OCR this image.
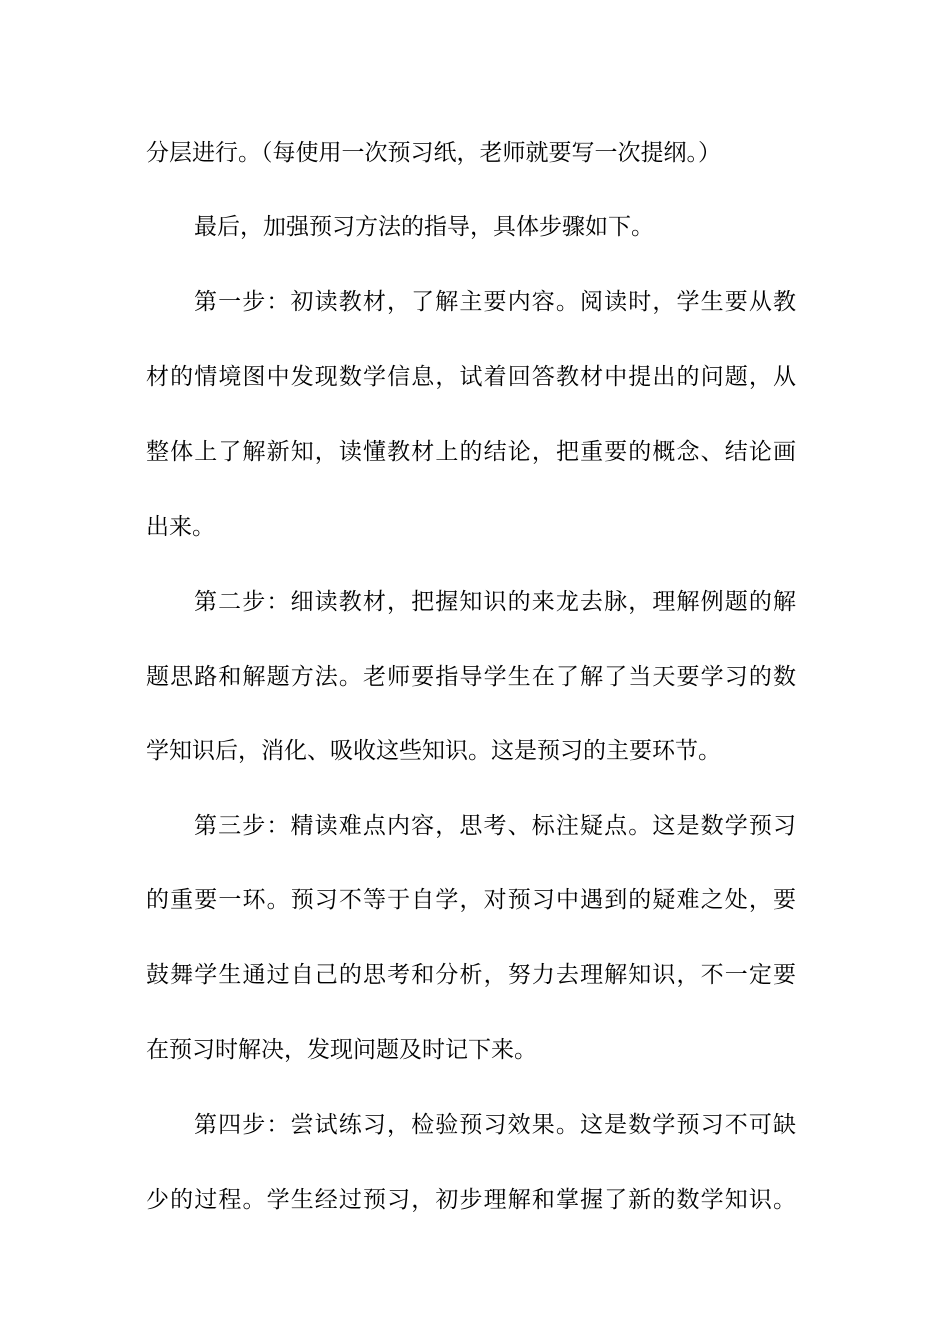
分层进行。（每使用一次预习纸，老师就要写一次提纲。）
最后，加强预习方法的指导，具体步骤如下。
第一步：初读教材，了解主要内容。阅读时，学生要从教
材的情境图中发现数学信息，试着回答教材中提出的问题，从
整体上了解新知，读懂教材上的结论，把重要的概念、结论画
出来。
第二步：细读教材，把握知识的来龙去脉，理解例题的解
题思路和解题方法。老师要指导学生在了解了当天要学习的数
学知识后，消化、吸收这些知识。这是预习的主要环节。
第三步：精读难点内容，思考、标注疑点。这是数学预习
的重要一环。预习不等于自学，对预习中遇到的疑难之处，要
鼓舞学生通过自己的思考和分析，努力去理解知识，不一定要
在预习时解决，发现问题及时记下来。
第四步：尝试练习，检验预习效果。这是数学预习不可缺
少的过程。学生经过预习，初步理解和掌握了新的数学知识。
